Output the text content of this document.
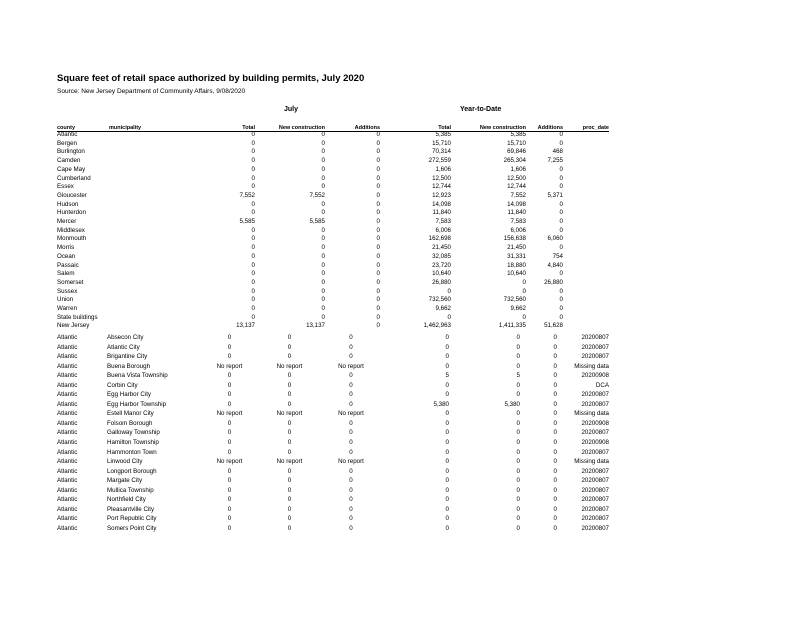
Square feet of retail space authorized by building permits, July 2020
Source: New Jersey Department of Community Affairs, 9/08/2020
July	Year-to-Date
county	municipality	Total	New construction	Additions		Total	New construction	Additions	proc_date
Atlantic		0	0	0		5,385	5,385	0	
Bergen		0	0	0		15,710	15,710	0	
Burlington		0	0	0		70,314	69,846	468	
Camden		0	0	0		272,559	265,304	7,255	
Cape May		0	0	0		1,606	1,606	0	
Cumberland		0	0	0		12,500	12,500	0	
Essex		0	0	0		12,744	12,744	0	
Gloucester		7,552	7,552	0		12,923	7,552	5,371	
Hudson		0	0	0		14,098	14,098	0	
Hunterdon		0	0	0		11,840	11,840	0	
Mercer		5,585	5,585	0		7,583	7,583	0	
Middlesex		0	0	0		6,006	6,006	0	
Monmouth		0	0	0		162,698	156,638	6,060	
Morris		0	0	0		21,450	21,450	0	
Ocean		0	0	0		32,085	31,331	754	
Passaic		0	0	0		23,720	18,880	4,840	
Salem		0	0	0		10,640	10,640	0	
Somerset		0	0	0		26,880	0	26,880	
Sussex		0	0	0		0	0	0	
Union		0	0	0		732,560	732,560	0	
Warren		0	0	0		9,662	9,662	0	
State buildings		0	0	0		0	0	0	
New Jersey		13,137	13,137	0		1,462,963	1,411,335	51,628	
Atlantic	Absecon City	0	0	0		0	0	0	20200807
Atlantic	Atlantic City	0	0	0		0	0	0	20200807
Atlantic	Brigantine City	0	0	0		0	0	0	20200807
Atlantic	Buena Borough	No report	No report	No report		0	0	0	Missing data
Atlantic	Buena Vista Township	0	0	0		5	5	0	20200908
Atlantic	Corbin City	0	0	0		0	0	0	DCA
Atlantic	Egg Harbor City	0	0	0		0	0	0	20200807
Atlantic	Egg Harbor Township	0	0	0		5,380	5,380	0	20200807
Atlantic	Estell Manor City	No report	No report	No report		0	0	0	Missing data
Atlantic	Folsom Borough	0	0	0		0	0	0	20200908
Atlantic	Galloway Township	0	0	0		0	0	0	20200807
Atlantic	Hamilton Township	0	0	0		0	0	0	20200908
Atlantic	Hammonton Town	0	0	0		0	0	0	20200807
Atlantic	Linwood City	No report	No report	No report		0	0	0	Missing data
Atlantic	Longport Borough	0	0	0		0	0	0	20200807
Atlantic	Margate City	0	0	0		0	0	0	20200807
Atlantic	Mullica Township	0	0	0		0	0	0	20200807
Atlantic	Northfield City	0	0	0		0	0	0	20200807
Atlantic	Pleasantville City	0	0	0		0	0	0	20200807
Atlantic	Port Republic City	0	0	0		0	0	0	20200807
Atlantic	Somers Point City	0	0	0		0	0	0	20200807
